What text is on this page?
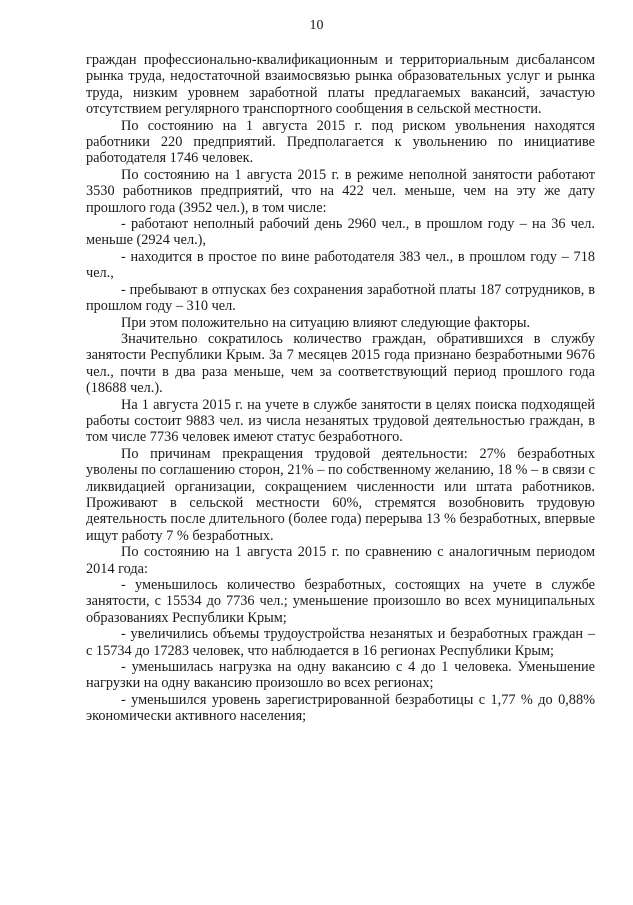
10

граждан профессионально-квалификационным и территориальным дисбалансом рынка труда, недостаточной взаимосвязью рынка образовательных услуг и рынка труда, низким уровнем заработной платы предлагаемых вакансий, зачастую отсутствием регулярного транспортного сообщения в сельской местности.

По состоянию на 1 августа 2015 г. под риском увольнения находятся работники 220 предприятий. Предполагается к увольнению по инициативе работодателя 1746 человек.

По состоянию на 1 августа 2015 г. в режиме неполной занятости работают 3530 работников предприятий, что на 422 чел. меньше, чем на эту же дату прошлого года (3952 чел.), в том числе:

- работают неполный рабочий день 2960 чел., в прошлом году – на 36 чел. меньше (2924 чел.),

- находится в простое по вине работодателя 383 чел., в прошлом году – 718 чел.,

- пребывают в отпусках без сохранения заработной платы 187 сотрудников, в прошлом году – 310 чел.

При этом положительно на ситуацию влияют следующие факторы.

Значительно сократилось количество граждан, обратившихся в службу занятости Республики Крым. За 7 месяцев 2015 года признано безработными 9676 чел., почти в два раза меньше, чем за соответствующий период прошлого года (18688 чел.).

На 1 августа 2015 г. на учете в службе занятости в целях поиска подходящей работы состоит 9883 чел. из числа незанятых трудовой деятельностью граждан, в том числе 7736 человек имеют статус безработного.

По причинам прекращения трудовой деятельности: 27% безработных уволены по соглашению сторон, 21% – по собственному желанию, 18 % – в связи с ликвидацией организации, сокращением численности или штата работников. Проживают в сельской местности 60%, стремятся возобновить трудовую деятельность после длительного (более года) перерыва 13 % безработных, впервые ищут работу 7 % безработных.

По состоянию на 1 августа 2015 г. по сравнению с аналогичным периодом 2014 года:

- уменьшилось количество безработных, состоящих на учете в службе занятости, с 15534 до 7736 чел.; уменьшение произошло во всех муниципальных образованиях Республики Крым;

- увеличились объемы трудоустройства незанятых и безработных граждан – с 15734 до 17283 человек, что наблюдается в 16 регионах Республики Крым;

- уменьшилась нагрузка на одну вакансию с 4 до 1 человека. Уменьшение нагрузки на одну вакансию произошло во всех регионах;

- уменьшился уровень зарегистрированной безработицы с 1,77 % до 0,88% экономически активного населения;
